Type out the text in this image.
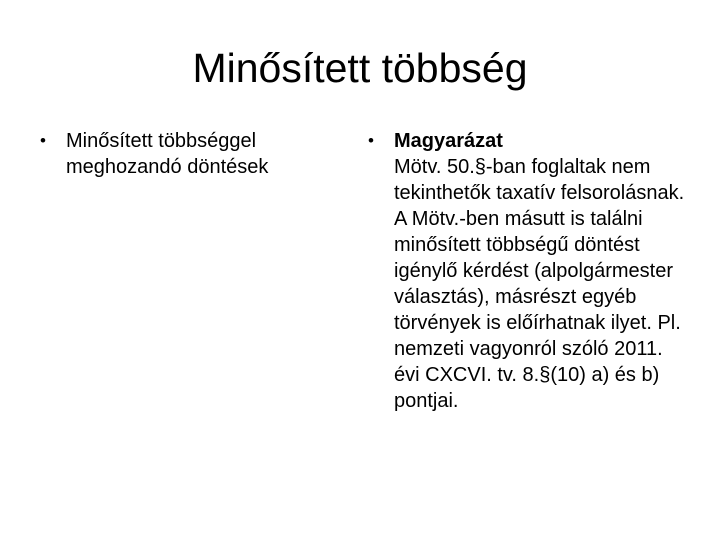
Minősített többség
•	Minősített többséggel meghozandó döntések
•	Magyarázat
Mötv. 50.§-ban foglaltak nem tekinthetők taxatív felsorolásnak. A Mötv.-ben másutt is találni minősített többségű döntést igénylő kérdést (alpolgármester választás), másrészt egyéb törvények is előírhatnak ilyet. Pl. nemzeti vagyonról szóló 2011. évi CXCVI. tv. 8.§(10) a) és b) pontjai.
